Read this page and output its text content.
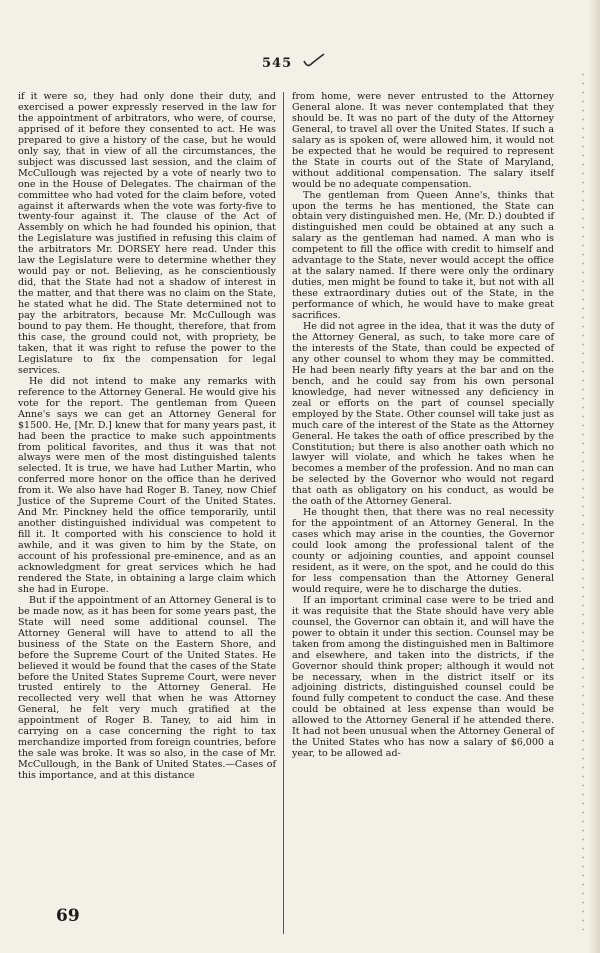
545

if it were so, they had only done their duty, and exercised a power expressly reserved in the law for the appointment of arbitrators, who were, of course, apprised of it before they consented to act. He was prepared to give a history of the case, but he would only say, that in view of all the circumstances, the subject was discussed last session, and the claim of McCullough was rejected by a vote of nearly two to one in the House of Delegates. The chairman of the committee who had voted for the claim before, voted against it afterwards when the vote was forty-five to twenty-four against it. The clause of the Act of Assembly on which he had founded his opinion, that the Legislature was justified in refusing this claim of the arbitrators Mr. DORSEY here read. Under this law the Legislature were to determine whether they would pay or not. Believing, as he conscientiously did, that the State had not a shadow of interest in the matter, and that there was no claim on the State, he stated what he did. The State determined not to pay the arbitrators, because Mr. McCullough was bound to pay them. He thought, therefore, that from this case, the ground could not, with propriety, be taken, that it was right to refuse the power to the Legislature to fix the compensation for legal services.

He did not intend to make any remarks with reference to the Attorney General. He would give his vote for the report. The gentleman from Queen Anne's says we can get an Attorney General for $1500. He, [Mr. D.] knew that for many years past, it had been the practice to make such appointments from political favorites, and thus it was that not always were men of the most distinguished talents selected. It is true, we have had Luther Martin, who conferred more honor on the office than he derived from it. We also have had Roger B. Taney, now Chief Justice of the Supreme Court of the United States. And Mr. Pinckney held the office temporarily, until another distinguished individual was competent to fill it. It comported with his conscience to hold it awhile, and it was given to him by the State, on account of his professional pre-eminence, and as an acknowledgment for great services which he had rendered the State, in obtaining a large claim which she had in Europe.

But if the appointment of an Attorney General is to be made now, as it has been for some years past, the State will need some additional counsel. The Attorney General will have to attend to all the business of the State on the Eastern Shore, and before the Supreme Court of the United States. He believed it would be found that the cases of the State before the United States Supreme Court, were never trusted entirely to the Attorney General. He recollected very well that when he was Attorney General, he felt very much gratified at the appointment of Roger B. Taney, to aid him in carrying on a case concerning the right to tax merchandize imported from foreign countries, before the sale was broke. It was so also, in the case of Mr. McCullough, in the Bank of United States.—Cases of this importance, and at this distance

from home, were never entrusted to the Attorney General alone. It was never contemplated that they should be. It was no part of the duty of the Attorney General, to travel all over the United States. If such a salary as is spoken of, were allowed him, it would not be expected that he would be required to represent the State in courts out of the State of Maryland, without additional compensation. The salary itself would be no adequate compensation.

The gentleman from Queen Anne's, thinks that upon the terms he has mentioned, the State can obtain very distinguished men. He, (Mr. D.) doubted if distinguished men could be obtained at any such a salary as the gentleman had named. A man who is competent to fill the office with credit to himself and advantage to the State, never would accept the office at the salary named. If there were only the ordinary duties, men might be found to take it, but not with all these extraordinary duties out of the State, in the performance of which, he would have to make great sacrifices.

He did not agree in the idea, that it was the duty of the Attorney General, as such, to take more care of the interests of the State, than could be expected of any other counsel to whom they may be committed. He had been nearly fifty years at the bar and on the bench, and he could say from his own personal knowledge, had never witnessed any deficiency in zeal or efforts on the part of counsel specially employed by the State. Other counsel will take just as much care of the interest of the State as the Attorney General. He takes the oath of office prescribed by the Constitution; but there is also another oath which no lawyer will violate, and which he takes when he becomes a member of the profession. And no man can be selected by the Governor who would not regard that oath as obligatory on his conduct, as would be the oath of the Attorney General.

He thought then, that there was no real necessity for the appointment of an Attorney General. In the cases which may arise in the counties, the Governor could look among the professional talent of the county or adjoining counties, and appoint counsel resident, as it were, on the spot, and he could do this for less compensation than the Attorney General would require, were he to discharge the duties.

If an important criminal case were to be tried and it was requisite that the State should have very able counsel, the Governor can obtain it, and will have the power to obtain it under this section. Counsel may be taken from among the distinguished men in Baltimore and elsewhere, and taken into the districts, if the Governor should think proper; although it would not be necessary, when in the district itself or its adjoining districts, distinguished counsel could be found fully competent to conduct the case. And these could be obtained at less expense than would be allowed to the Attorney General if he attended there. It had not been unusual when the Attorney General of the United States who has now a salary of $6,000 a year, to be allowed ad-

69
